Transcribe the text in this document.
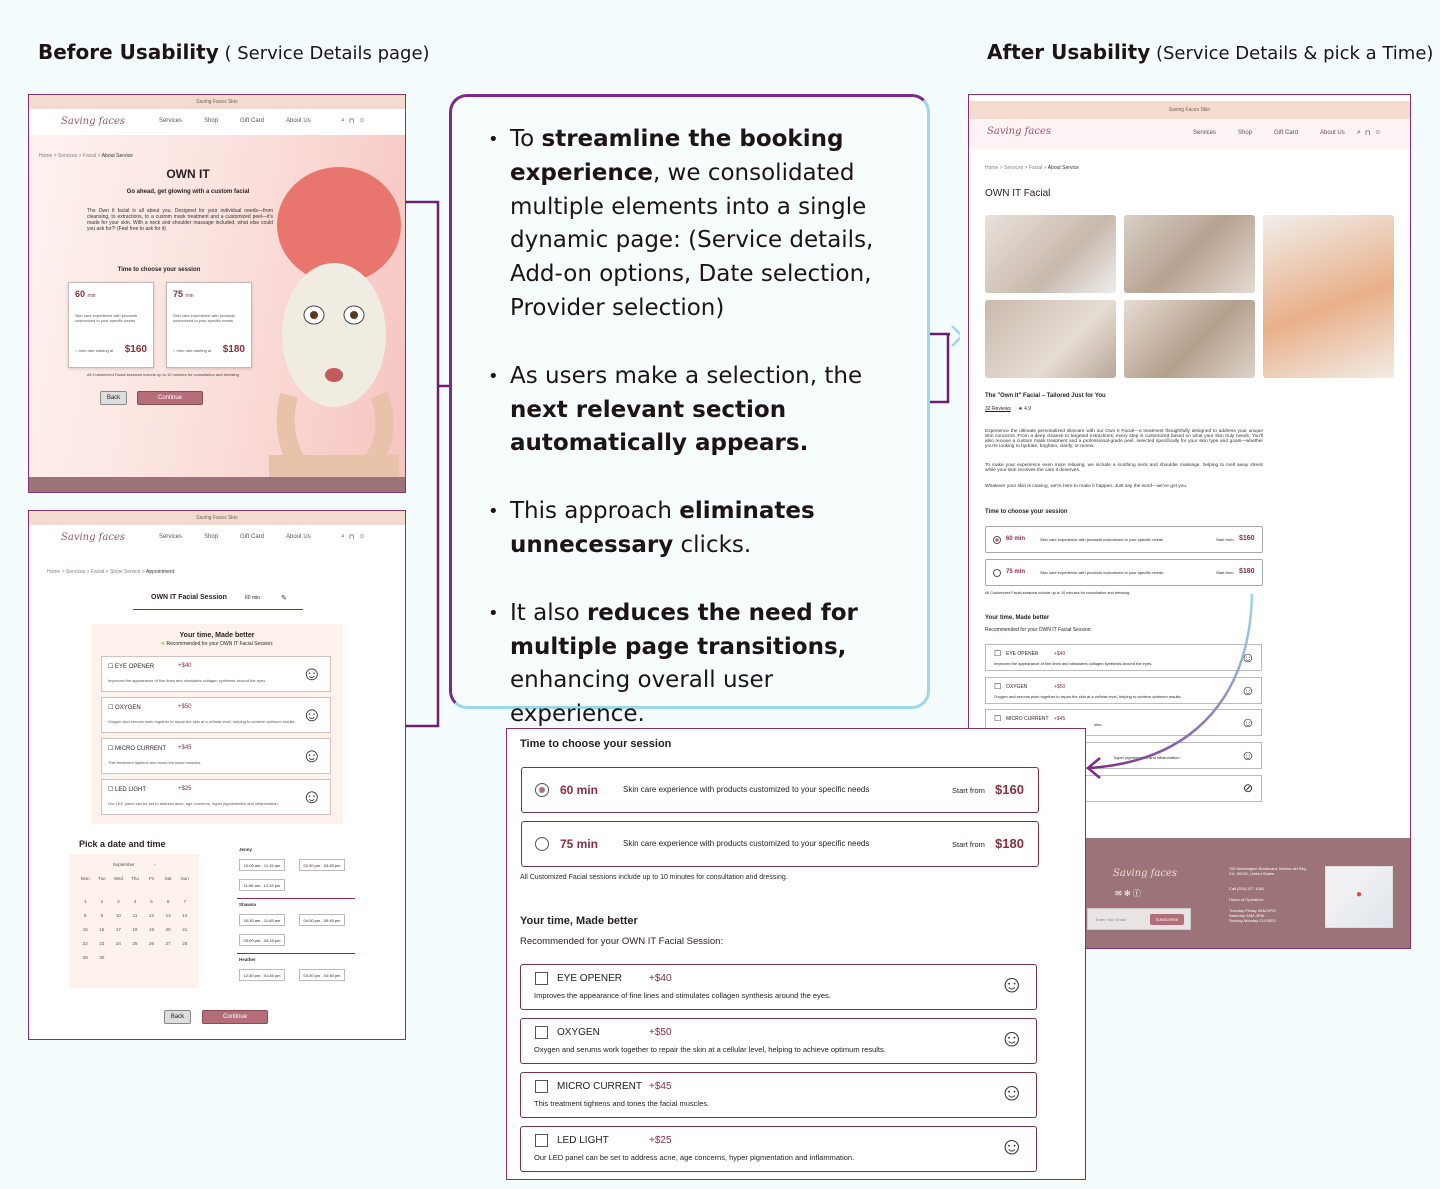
Before Usability ( Service Details page)	After Usability (Service Details & pick a Time)
Saving Faces Skin
Saving faces	Services	Shop	Gift Card	About Us	⌕ ⊓ ☺
Home > Services > Facial > About Service
OWN IT
Go ahead, get glowing with a custom facial
The Own It facial is all about you. Designed for your individual needs—from cleansing, to extractions, to a custom mask treatment and a customized peel—it's made for your skin. With a neck and shoulder massage included, what else could you ask for?! (Feel free to ask for it)
Time to choose your session
60 min
Skin care experience with products customized to your specific needs
○ Intro rate starting at $160
75 min
Skin care experience with products customized to your specific needs
○ Intro rate starting at $180
All Customized Facial sessions include up to 10 minutes for consultation and dressing
Back	Continue
Saving Faces Skin
Saving faces	Services	Shop	Gift Card	About Us	⌕ ⊓ ☺
Home > Services > Facial > Show Service > Appointment
OWN IT Facial Session	60 min	✎
Your time, Made better
★ Recommended for your OWN IT Facial Session:
☐ EYE OPENER	+$40
Improves the appearance of fine lines and stimulates collagen synthesis around the eyes.	☺
☐ OXYGEN	+$50
Oxygen and serums work together to repair the skin at a cellular level, helping to achieve optimum results. ☺
☐ MICRO CURRENT +$45
This treatment tightens and tones the facial muscles.	☺
☐ LED LIGHT	+$25
Our LED panel can be set to address acne, age concerns, hyper pigmentation and inflammation.	☺
Pick a date and time
September	›
Mon	Tue	Wed	Thu	Fri	Sat	Sun
1	2	3	4	5	6	7
8	9	10	11	12	13	14
15	16	17	18	19	20	21
22	23	24	25	26	27	28
29	30
Jenny
10:00 am - 11:15 am	02:30 pm - 03:45 pm
11:00 am - 12:15 pm
Shawna
10:30 am - 11:45 am	04:30 pm - 05:45 pm
03:00 pm - 04:15 pm
Heather
12:30 pm - 01:45 pm	03:30 pm - 04:45 pm
Back	Continue
• To streamline the booking experience, we consolidated multiple elements into a single dynamic page: (Service details, Add-on options, Date selection, Provider selection)
• As users make a selection, the next relevant section automatically appears.
• This approach eliminates unnecessary clicks.
• It also reduces the need for multiple page transitions, enhancing overall user experience.
Saving Faces Skin
Saving faces	Services	Shop	Gift Card	About Us ⌕ ⊓ ☺
Home > Services > Facial > About Service
OWN IT Facial
The "Own It" Facial – Tailored Just for You
32 Reviews ★ 4.9
Experience the ultimate personalized skincare with our Own It Facial—a treatment thoughtfully designed to address your unique skin concerns. From a deep cleanse to targeted extractions, every step is customized based on what your skin truly needs. You'll also receive a custom mask treatment and a professional-grade peel, selected specifically for your skin type and goals—whether you're looking to hydrate, brighten, clarify, or renew.
To make your experience even more relaxing, we include a soothing neck and shoulder massage, helping to melt away stress while your skin receives the care it deserves.
Whatever your skin is craving, we're here to make it happen. Just say the word—we've got you.
Time to choose your session
60 min	Skin care experience with products customized to your specific needs	Start from $160
75 min	Skin care experience with products customized to your specific needs	Start from $180
All Customized Facial sessions include up to 10 minutes for consultation and dressing.
Your time, Made better
Recommended for your OWN IT Facial Session:
☐ EYE OPENER	+$40
Improves the appearance of fine lines and stimulates collagen synthesis around the eyes.	☺
☐ OXYGEN	+$50
Oxygen and serums work together to repair the skin at a cellular level, helping to achieve optimum results.	☺
☐ MICRO CURRENT +$45
ules.	☺
hyper pigmentation and inflammation.	☺
⊘
Saving faces
✉ ✻ ⓕ
Enter Your Email	SUBSCRIBE
762 Washington Boulevard, Marina del Rey, CA, 90292, United States
Call (310) 577 1082
Hours of Operation:
Tuesday-Friday 9AM-5PM
Saturday 9AM-4PM
Sunday-Monday CLOSED
●
Time to choose your session
60 min	Skin care experience with products customized to your specific needs	Start from $160
75 min	Skin care experience with products customized to your specific needs	Start from $180
All Customized Facial sessions include up to 10 minutes for consultation and dressing.
Your time, Made better
Recommended for your OWN IT Facial Session:
EYE OPENER	+$40
Improves the appearance of fine lines and stimulates collagen synthesis around the eyes.	☺
OXYGEN	+$50
Oxygen and serums work together to repair the skin at a cellular level, helping to achieve optimum results.	☺
MICRO CURRENT +$45
This treatment tightens and tones the facial muscles.	☺
LED LIGHT	+$25
Our LED panel can be set to address acne, age concerns, hyper pigmentation and inflammation.	☺
